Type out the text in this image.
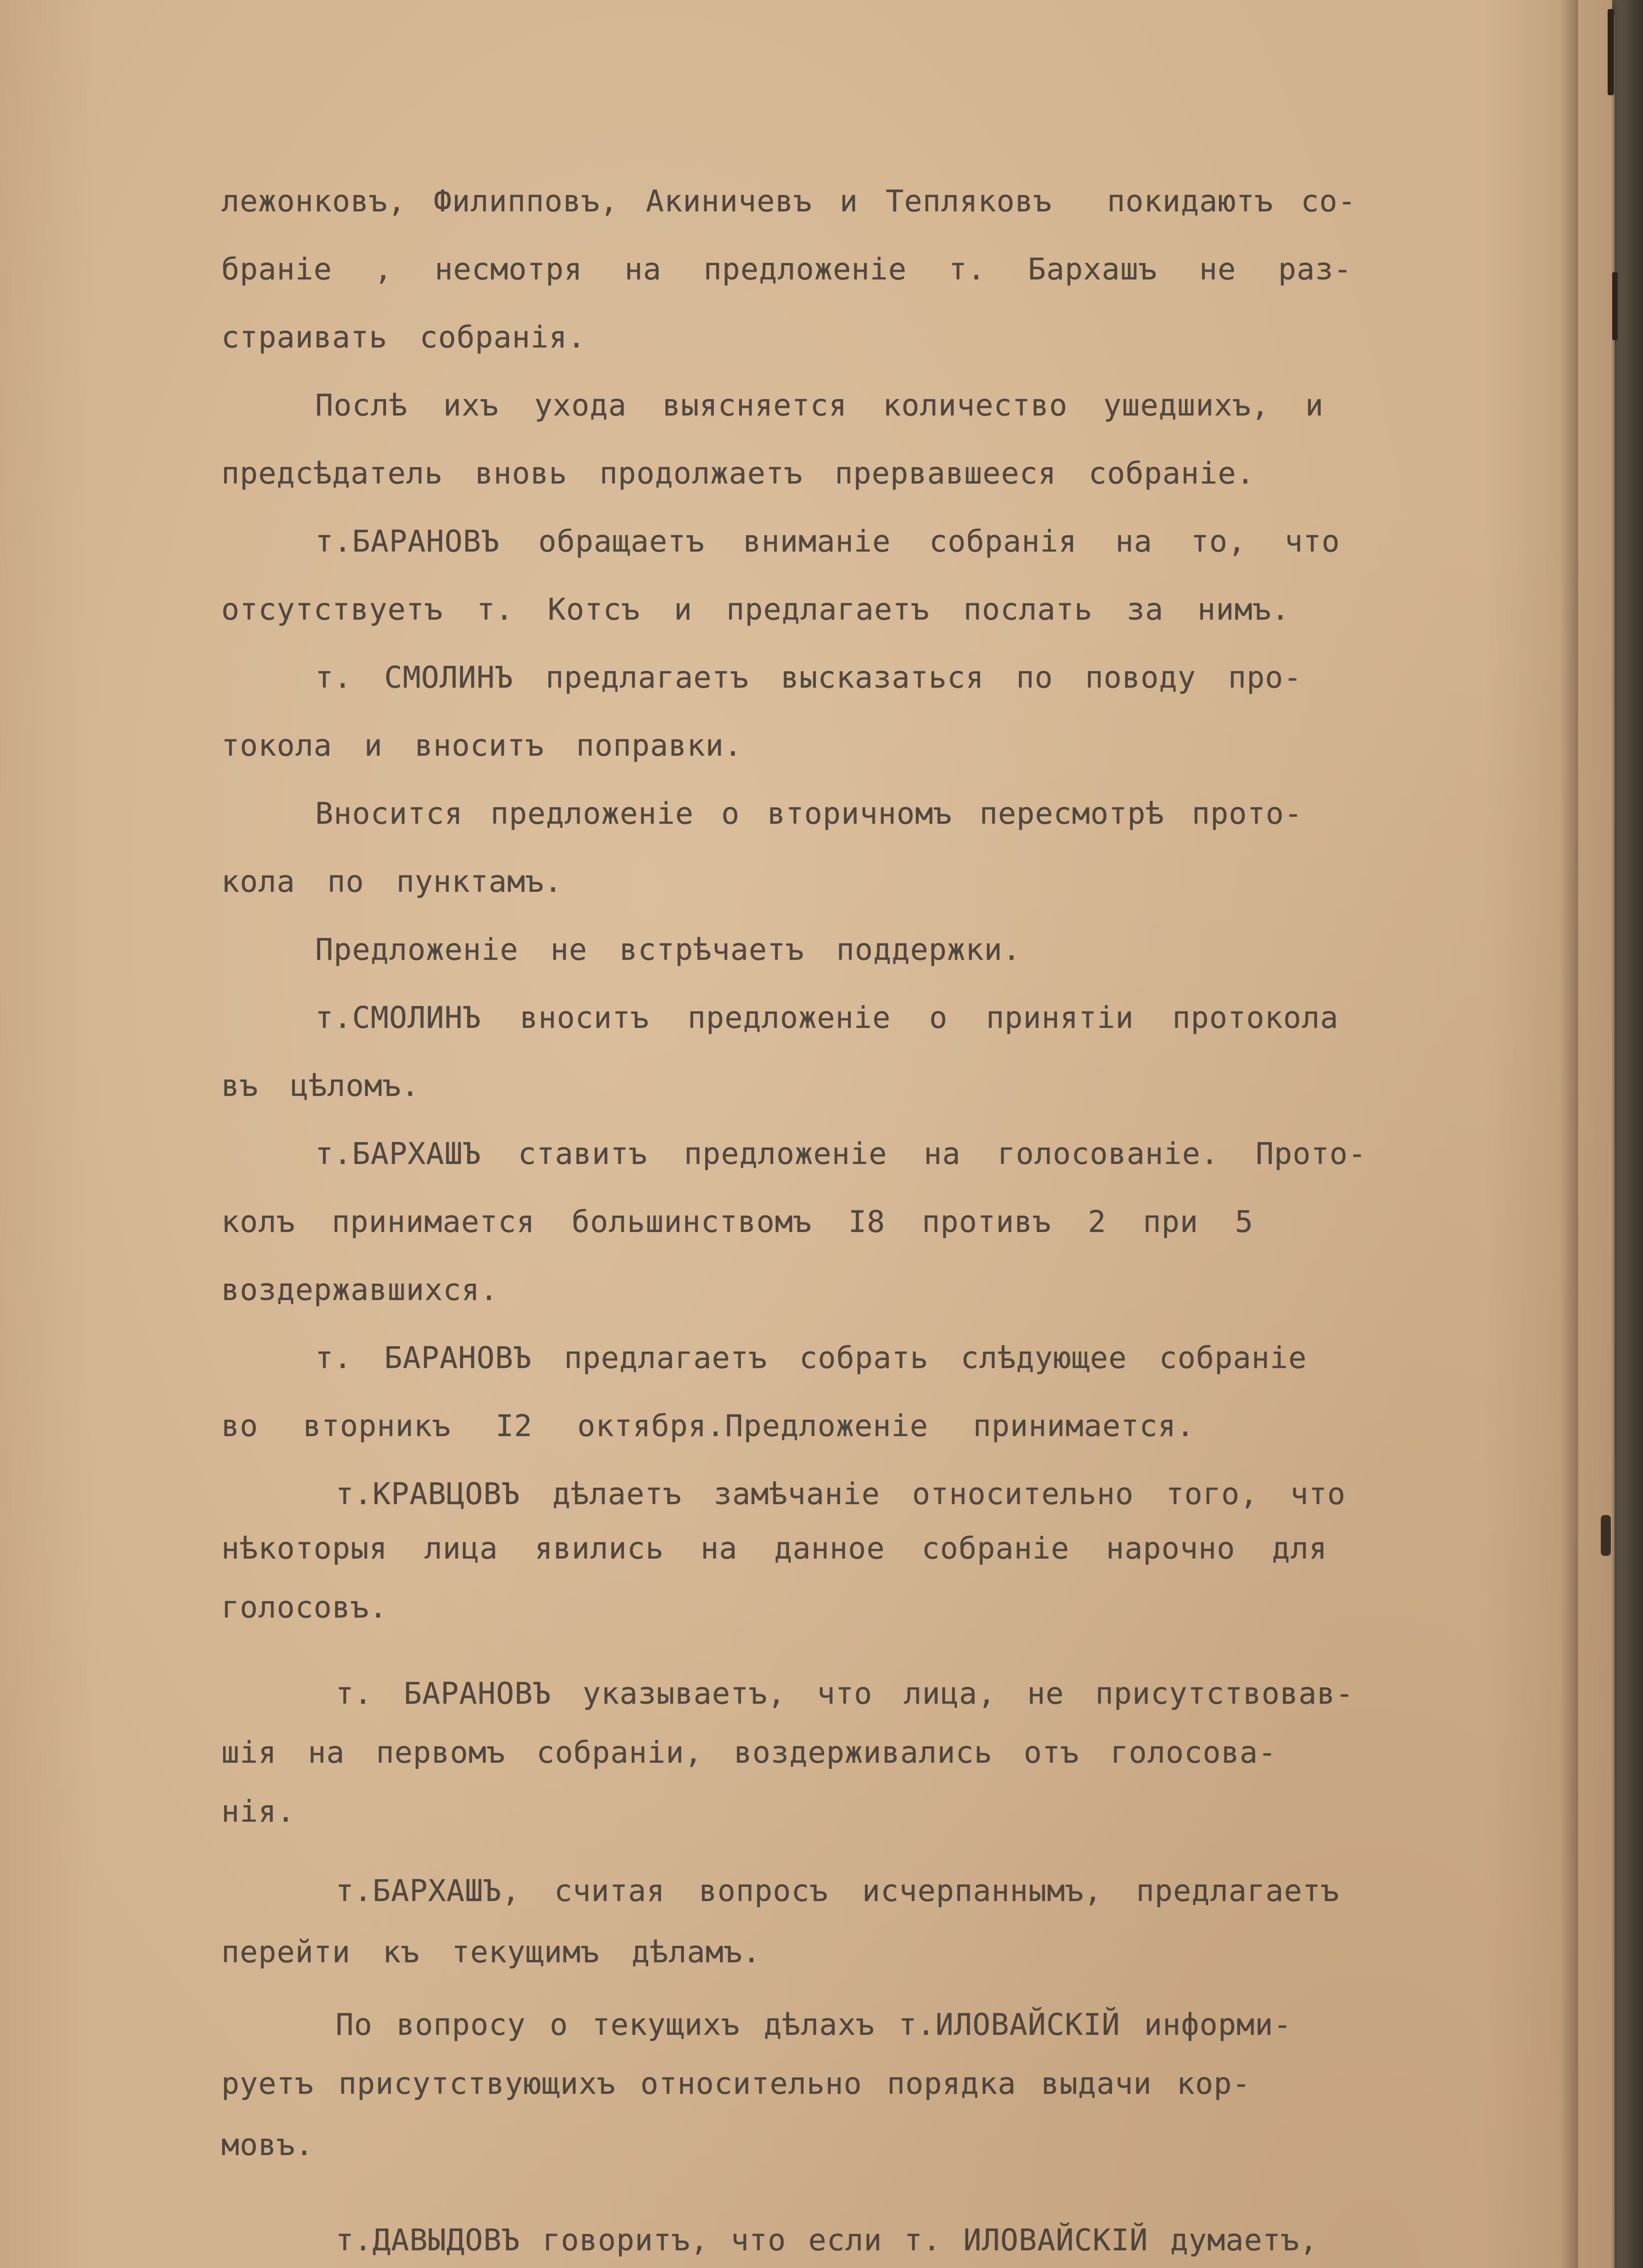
лежонковъ, Филипповъ, Акиничевъ и Тепляковъ  покидаютъ со-
браніе , несмотря на предложеніе т. Бархашъ не раз-
страивать собранія.
Послѣ ихъ ухода выясняется количество ушедшихъ, и
предсѣдатель вновь продолжаетъ прервавшееся собраніе.
т.БАРАНОВЪ обращаетъ вниманіе собранія на то, что
отсутствуетъ т. Котсъ и предлагаетъ послать за нимъ.
т. СМОЛИНЪ предлагаетъ высказаться по поводу про-
токола и вноситъ поправки.
Вносится предложеніе о вторичномъ пересмотрѣ прото-
кола по пунктамъ.
Предложеніе не встрѣчаетъ поддержки.
т.СМОЛИНЪ вноситъ предложеніе о принятіи протокола
въ цѣломъ.
т.БАРХАШЪ ставитъ предложеніе на голосованіе. Прото-
колъ принимается большинствомъ I8 противъ 2 при 5
воздержавшихся.
т. БАРАНОВЪ предлагаетъ собрать слѣдующее собраніе
во вторникъ I2 октября.Предложеніе принимается.
т.КРАВЦОВЪ дѣлаетъ замѣчаніе относительно того, что
нѣкоторыя лица явились на данное собраніе нарочно для
голосовъ.
т. БАРАНОВЪ указываетъ, что лица, не присутствовав-
шія на первомъ собраніи, воздерживались отъ голосова-
нія.
т.БАРХАШЪ, считая вопросъ исчерпаннымъ, предлагаетъ
перейти къ текущимъ дѣламъ.
По вопросу о текущихъ дѣлахъ т.ИЛОВАЙСКІЙ информи-
руетъ присутствующихъ относительно порядка выдачи кор-
мовъ.
т.ДАВЫДОВЪ говоритъ, что если т. ИЛОВАЙСКІЙ думаетъ,
